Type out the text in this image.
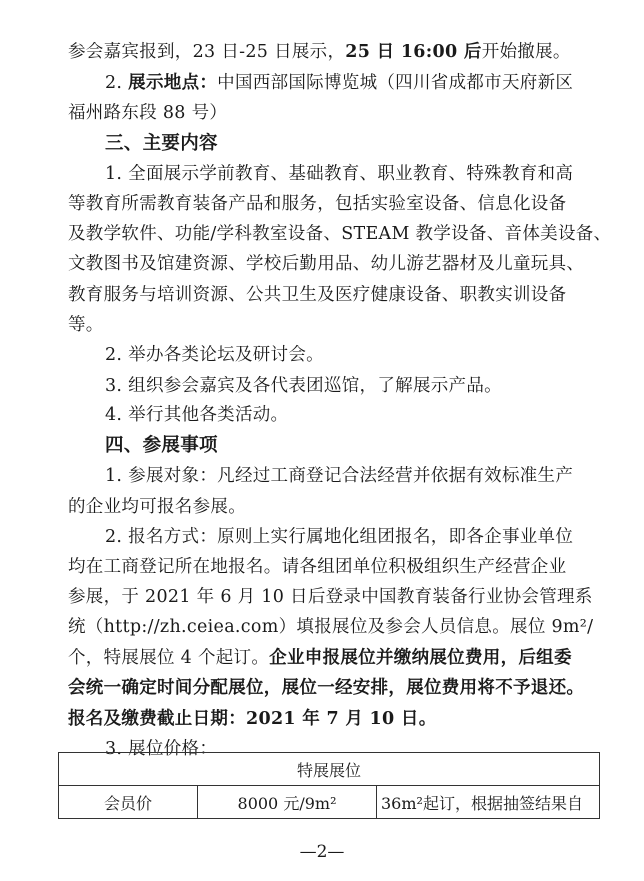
参会嘉宾报到，23 日-25 日展示，25 日 16:00 后开始撤展。
2. 展示地点：中国西部国际博览城（四川省成都市天府新区
福州路东段 88 号）
三、主要内容
1. 全面展示学前教育、基础教育、职业教育、特殊教育和高
等教育所需教育装备产品和服务，包括实验室设备、信息化设备
及教学软件、功能/学科教室设备、STEAM 教学设备、音体美设备、
文教图书及馆建资源、学校后勤用品、幼儿游艺器材及儿童玩具、
教育服务与培训资源、公共卫生及医疗健康设备、职教实训设备
等。
2. 举办各类论坛及研讨会。
3. 组织参会嘉宾及各代表团巡馆，了解展示产品。
4. 举行其他各类活动。
四、参展事项
1. 参展对象：凡经过工商登记合法经营并依据有效标准生产
的企业均可报名参展。
2. 报名方式：原则上实行属地化组团报名，即各企事业单位
均在工商登记所在地报名。请各组团单位积极组织生产经营企业
参展，于 2021 年 6 月 10 日后登录中国教育装备行业协会管理系
统（http://zh.ceiea.com）填报展位及参会人员信息。展位 9m²/
个，特展展位 4 个起订。企业申报展位并缴纳展位费用，后组委
会统一确定时间分配展位，展位一经安排，展位费用将不予退还。
报名及缴费截止日期：2021 年 7 月 10 日。
3. 展位价格：
特展展位
会员价	8000 元/9m²	36m²起订，根据抽签结果自
—2—
